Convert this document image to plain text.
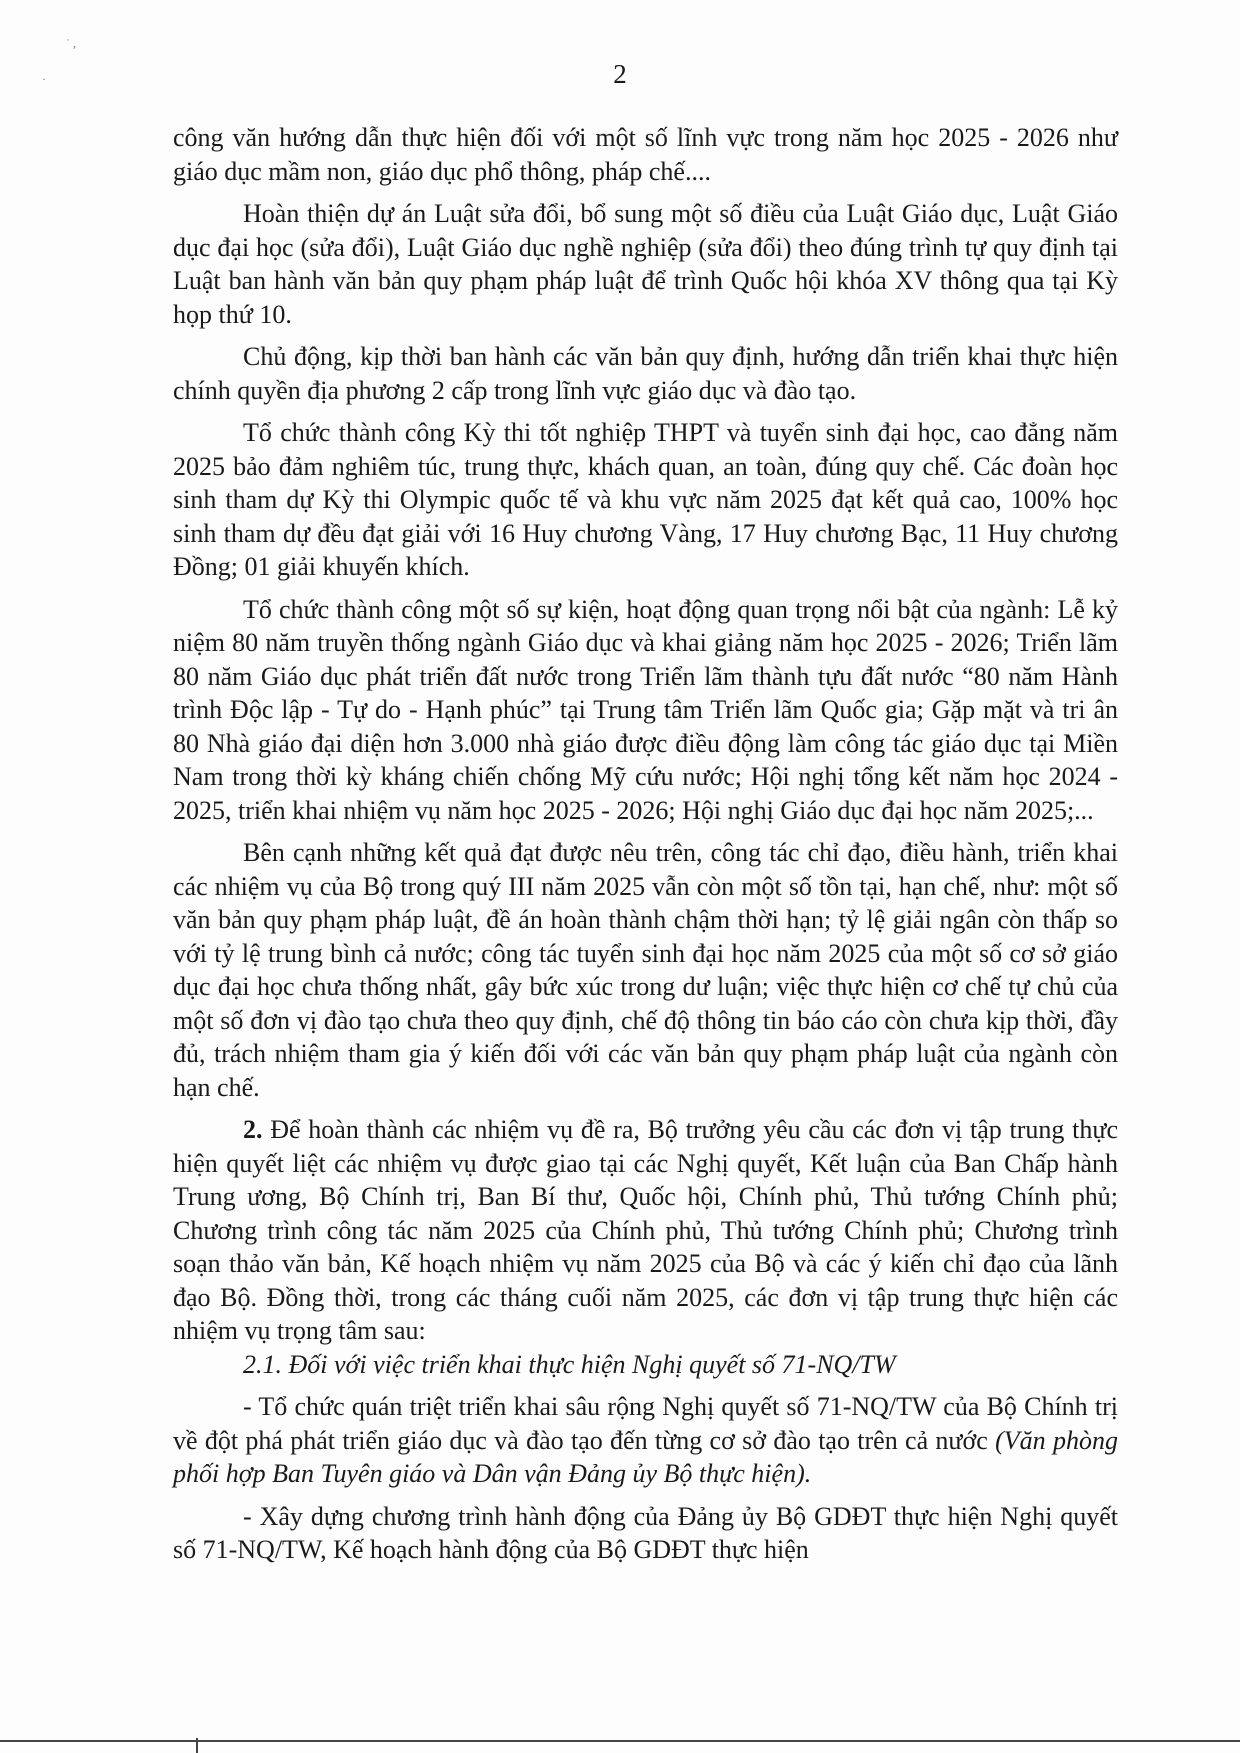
˙ ,
·	2

công văn hướng dẫn thực hiện đối với một số lĩnh vực trong năm học 2025 - 2026 như giáo dục mầm non, giáo dục phổ thông, pháp chế....

Hoàn thiện dự án Luật sửa đổi, bổ sung một số điều của Luật Giáo dục, Luật Giáo dục đại học (sửa đổi), Luật Giáo dục nghề nghiệp (sửa đổi) theo đúng trình tự quy định tại Luật ban hành văn bản quy phạm pháp luật để trình Quốc hội khóa XV thông qua tại Kỳ họp thứ 10.

Chủ động, kịp thời ban hành các văn bản quy định, hướng dẫn triển khai thực hiện chính quyền địa phương 2 cấp trong lĩnh vực giáo dục và đào tạo.

Tổ chức thành công Kỳ thi tốt nghiệp THPT và tuyển sinh đại học, cao đẳng năm 2025 bảo đảm nghiêm túc, trung thực, khách quan, an toàn, đúng quy chế. Các đoàn học sinh tham dự Kỳ thi Olympic quốc tế và khu vực năm 2025 đạt kết quả cao, 100% học sinh tham dự đều đạt giải với 16 Huy chương Vàng, 17 Huy chương Bạc, 11 Huy chương Đồng; 01 giải khuyến khích.

Tổ chức thành công một số sự kiện, hoạt động quan trọng nổi bật của ngành: Lễ kỷ niệm 80 năm truyền thống ngành Giáo dục và khai giảng năm học 2025 - 2026; Triển lãm 80 năm Giáo dục phát triển đất nước trong Triển lãm thành tựu đất nước “80 năm Hành trình Độc lập - Tự do - Hạnh phúc” tại Trung tâm Triển lãm Quốc gia; Gặp mặt và tri ân 80 Nhà giáo đại diện hơn 3.000 nhà giáo được điều động làm công tác giáo dục tại Miền Nam trong thời kỳ kháng chiến chống Mỹ cứu nước; Hội nghị tổng kết năm học 2024 - 2025, triển khai nhiệm vụ năm học 2025 - 2026; Hội nghị Giáo dục đại học năm 2025;...

Bên cạnh những kết quả đạt được nêu trên, công tác chỉ đạo, điều hành, triển khai các nhiệm vụ của Bộ trong quý III năm 2025 vẫn còn một số tồn tại, hạn chế, như: một số văn bản quy phạm pháp luật, đề án hoàn thành chậm thời hạn; tỷ lệ giải ngân còn thấp so với tỷ lệ trung bình cả nước; công tác tuyển sinh đại học năm 2025 của một số cơ sở giáo dục đại học chưa thống nhất, gây bức xúc trong dư luận; việc thực hiện cơ chế tự chủ của một số đơn vị đào tạo chưa theo quy định, chế độ thông tin báo cáo còn chưa kịp thời, đầy đủ, trách nhiệm tham gia ý kiến đối với các văn bản quy phạm pháp luật của ngành còn hạn chế.

2. Để hoàn thành các nhiệm vụ đề ra, Bộ trưởng yêu cầu các đơn vị tập trung thực hiện quyết liệt các nhiệm vụ được giao tại các Nghị quyết, Kết luận của Ban Chấp hành Trung ương, Bộ Chính trị, Ban Bí thư, Quốc hội, Chính phủ, Thủ tướng Chính phủ; Chương trình công tác năm 2025 của Chính phủ, Thủ tướng Chính phủ; Chương trình soạn thảo văn bản, Kế hoạch nhiệm vụ năm 2025 của Bộ và các ý kiến chỉ đạo của lãnh đạo Bộ. Đồng thời, trong các tháng cuối năm 2025, các đơn vị tập trung thực hiện các nhiệm vụ trọng tâm sau:

2.1. Đối với việc triển khai thực hiện Nghị quyết số 71-NQ/TW

- Tổ chức quán triệt triển khai sâu rộng Nghị quyết số 71-NQ/TW của Bộ Chính trị về đột phá phát triển giáo dục và đào tạo đến từng cơ sở đào tạo trên cả nước (Văn phòng phối hợp Ban Tuyên giáo và Dân vận Đảng ủy Bộ thực hiện).

- Xây dựng chương trình hành động của Đảng ủy Bộ GDĐT thực hiện Nghị quyết số 71-NQ/TW, Kế hoạch hành động của Bộ GDĐT thực hiện
